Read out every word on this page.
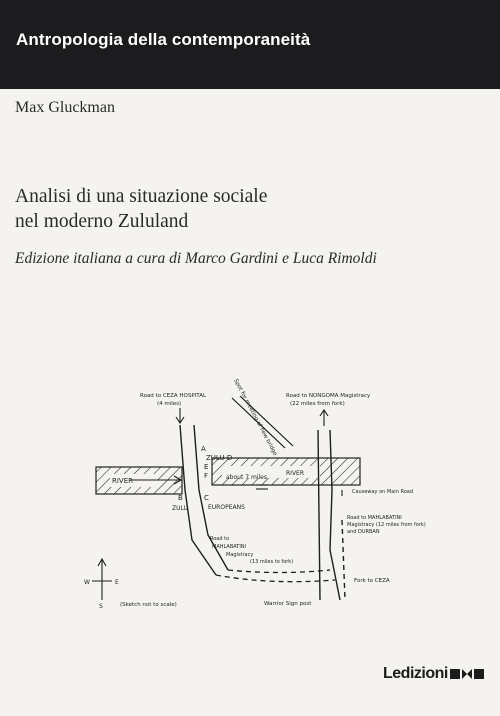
Antropologia della contemporaneità
Max Gluckman
Analisi di una situazione sociale
nel moderno Zululand
Edizione italiana a cura di Marco Gardini e Luca Rimoldi
Road to CEZA HOSPITAL
(4 miles)
Road to NONGOMA Magistracy
(22 miles from fork)
Spot for meeting of new bridge
A
ZULU D
E
F
RIVER
RIVER
about 7 miles
B
ZULU
C
EUROPEANS
Causeway on Main Road
Road to MAHLABATINI
Magistracy (12 miles from fork)
and DURBAN
Road to
MAHLABATINI
Magistracy
(13 miles to fork)
Fork to CEZA
Warrior Sign post
W	E
S	(Sketch not to scale)
Ledizioni
